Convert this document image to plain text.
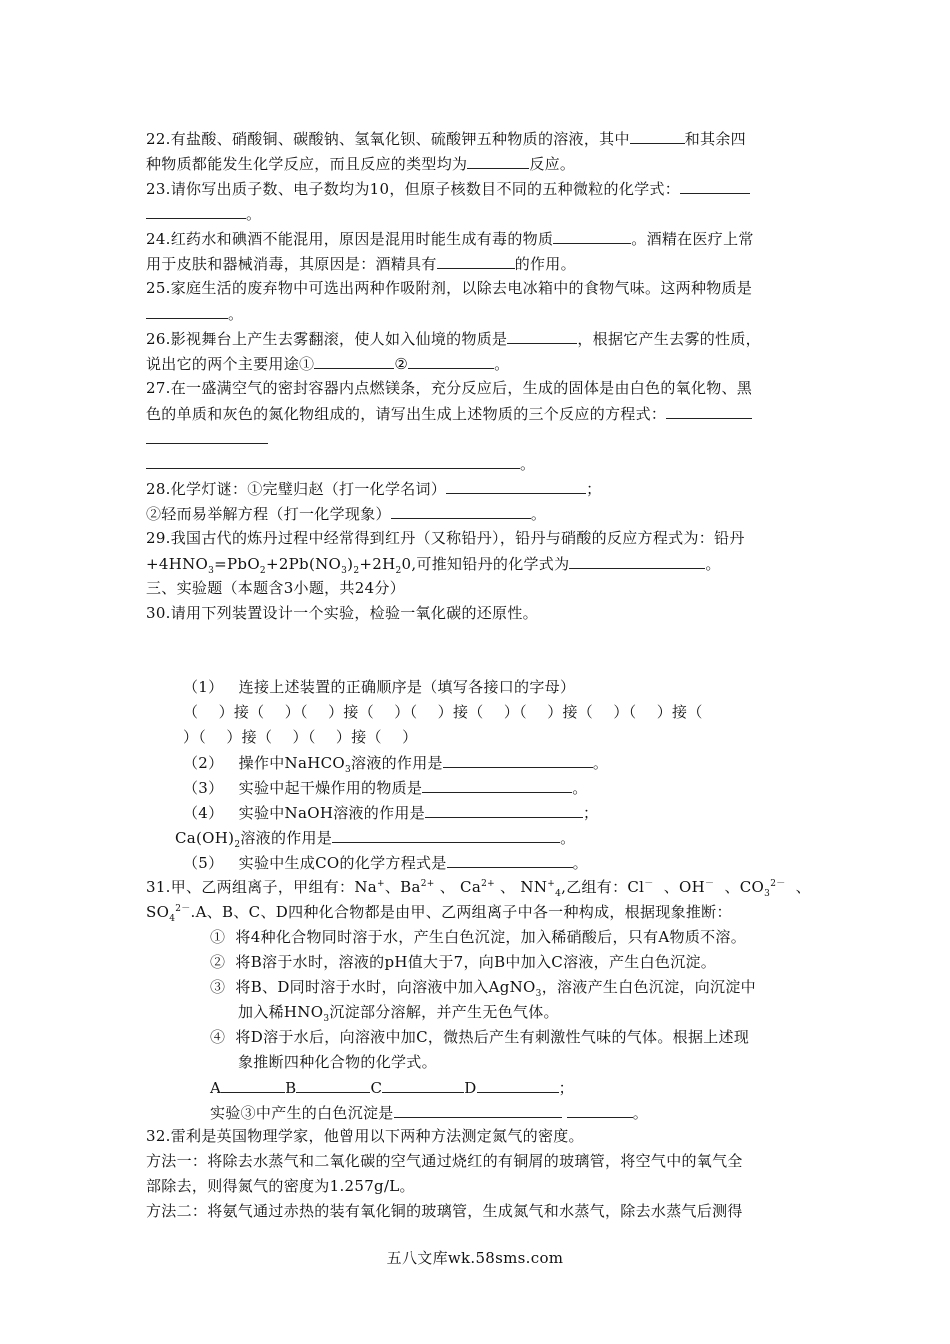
22.有盐酸、硝酸铜、碳酸钠、氢氧化钡、硫酸钾五种物质的溶液，其中	和其余四
种物质都能发生化学反应，而且反应的类型均为	反应。
23.请你写出质子数、电子数均为10，但原子核数目不同的五种微粒的化学式：
。
24.红药水和碘酒不能混用，原因是混用时能生成有毒的物质	。酒精在医疗上常
用于皮肤和器械消毒，其原因是：酒精具有	的作用。
25.家庭生活的废弃物中可选出两种作吸附剂，以除去电冰箱中的食物气味。这两种物质是
。
26.影视舞台上产生去雾翻滚，使人如入仙境的物质是	，根据它产生去雾的性质，
说出它的两个主要用途①	②	。
27.在一盛满空气的密封容器内点燃镁条，充分反应后，生成的固体是由白色的氧化物、黑
色的单质和灰色的氮化物组成的，请写出生成上述物质的三个反应的方程式：
。
28.化学灯谜：①完璧归赵（打一化学名词）	；
②轻而易举解方程（打一化学现象）	。
29.我国古代的炼丹过程中经常得到红丹（又称铅丹），铅丹与硝酸的反应方程式为：铅丹
$+4HNO_3=PbO_2+2Pb(NO_3)_2+2H_20$,可推知铅丹的化学式为	。
三、实验题（本题含3小题，共24分）
30.请用下列装置设计一个实验，检验一氧化碳的还原性。
（1）   连接上述装置的正确顺序是（填写各接口的字母）
（    ）接（    ）（    ）接（    ）（    ）接（    ）（    ）接（    ）（    ）接（
）（    ）接（    ）（    ）接（    ）
（2）   操作中NaHCO$_3$溶液的作用是	。
（3）   实验中起干燥作用的物质是	。
（4）   实验中NaOH溶液的作用是	；
$Ca(OH)_2$溶液的作用是	。
（5）   实验中生成CO的化学方程式是	。
31.甲、乙两组离子，甲组有：Na+、$Ba^{2+}$ 、 $Ca^{2+}$ 、 $NN^+_4$,乙组有：Cl－  、OH－  、$CO_3^{2-}$  、
$SO_4^{2-}.A$、B、C、D四种化合物都是由甲、乙两组离子中各一种构成，根据现象推断：
①  将4种化合物同时溶于水，产生白色沉淀，加入稀硝酸后，只有A物质不溶。
②  将B溶于水时，溶液的pH值大于7，向B中加入C溶液，产生白色沉淀。
③  将B、D同时溶于水时，向溶液中加入AgNO$_3$，溶液产生白色沉淀，向沉淀中
加入稀$HNO_3$沉淀部分溶解，并产生无色气体。
④  将D溶于水后，向溶液中加C，微热后产生有刺激性气味的气体。根据上述现
象推断四种化合物的化学式。
A	B	C	D	；
实验③中产生的白色沉淀是	。
32.雷利是英国物理学家，他曾用以下两种方法测定氮气的密度。
方法一：将除去水蒸气和二氧化碳的空气通过烧红的有铜屑的玻璃管，将空气中的氧气全
部除去，则得氮气的密度为1.257g/L。
方法二：将氨气通过赤热的装有氧化铜的玻璃管，生成氮气和水蒸气，除去水蒸气后测得
五八文库wk.58sms.com
